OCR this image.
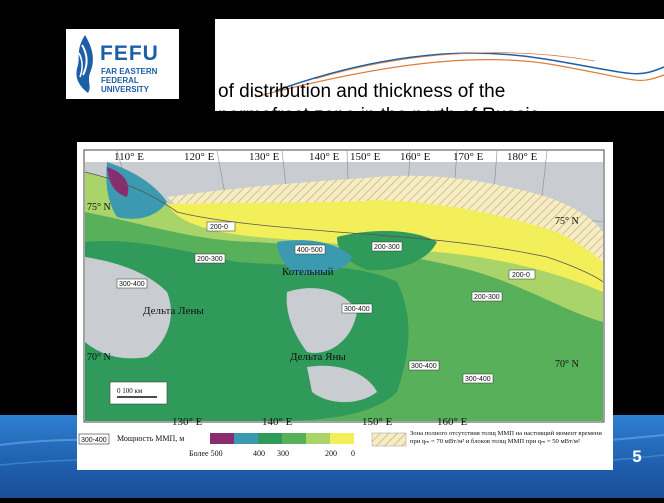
FEFU
FAR EASTERN FEDERAL UNIVERSITY	of distribution and thickness of the
permafrost zone in the north of Russia
110° E	120° E	130° E	140° E 150° E 160° E 170° E 180° E
130° E	140° E	150° E	160° E
75° N
75° N
70° N
70° N
Котельный
Дельта Лены
Дельта Яны
200-0
200-0
200-300
400-500	200-300
300-400
300-400
300-400
300-400
200-300
0 100 км
300-400 Мощность ММП, м
Более 500	400 300	200 0
Зона полного отсутствия толщ ММП на настоящий момент времени при qₘ = 70 мВт/м² и блоков толщ ММП при qₘ = 50 мВт/м²
5
